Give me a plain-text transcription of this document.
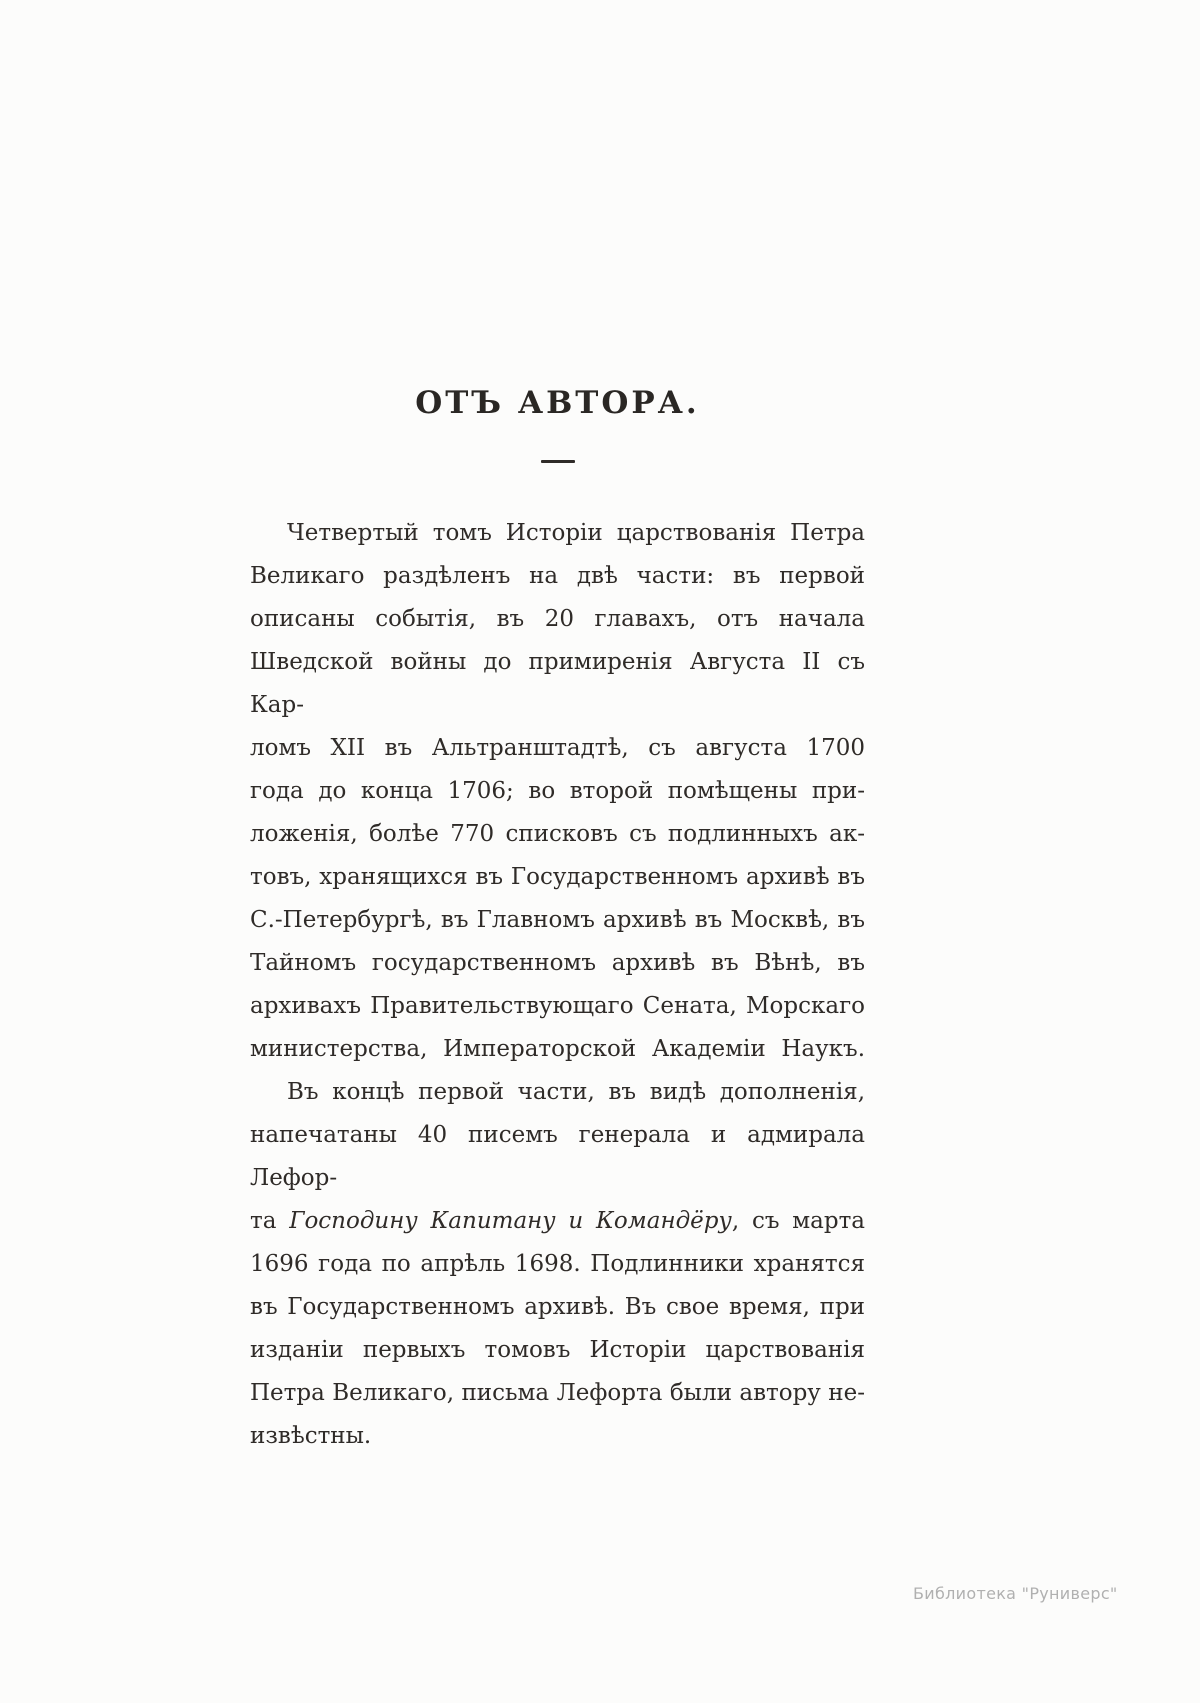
ОТЪ АВТОРА.
Четвертый томъ Исторіи царствованія Петра
Великаго раздѣленъ на двѣ части: въ первой
описаны событія, въ 20 главахъ, отъ начала
Шведской войны до примиренія Августа II съ Кар-
ломъ XII въ Альтранштадтѣ, съ августа 1700
года до конца 1706; во второй помѣщены при-
ложенія, болѣе 770 списковъ съ подлинныхъ ак-
товъ, хранящихся въ Государственномъ архивѣ въ
С.-Петербургѣ, въ Главномъ архивѣ въ Москвѣ, въ
Тайномъ государственномъ архивѣ въ Вѣнѣ, въ
архивахъ Правительствующаго Сената, Морскаго
министерства, Императорской Академіи Наукъ.
Въ концѣ первой части, въ видѣ дополненія,
напечатаны 40 писемъ генерала и адмирала Лефор-
та Господину Капитану и Командёру, съ марта
1696 года по апрѣль 1698. Подлинники хранятся
въ Государственномъ архивѣ. Въ свое время, при
изданіи первыхъ томовъ Исторіи царствованія
Петра Великаго, письма Лефорта были автору не-
извѣстны.
Библиотека "Руниверс"
